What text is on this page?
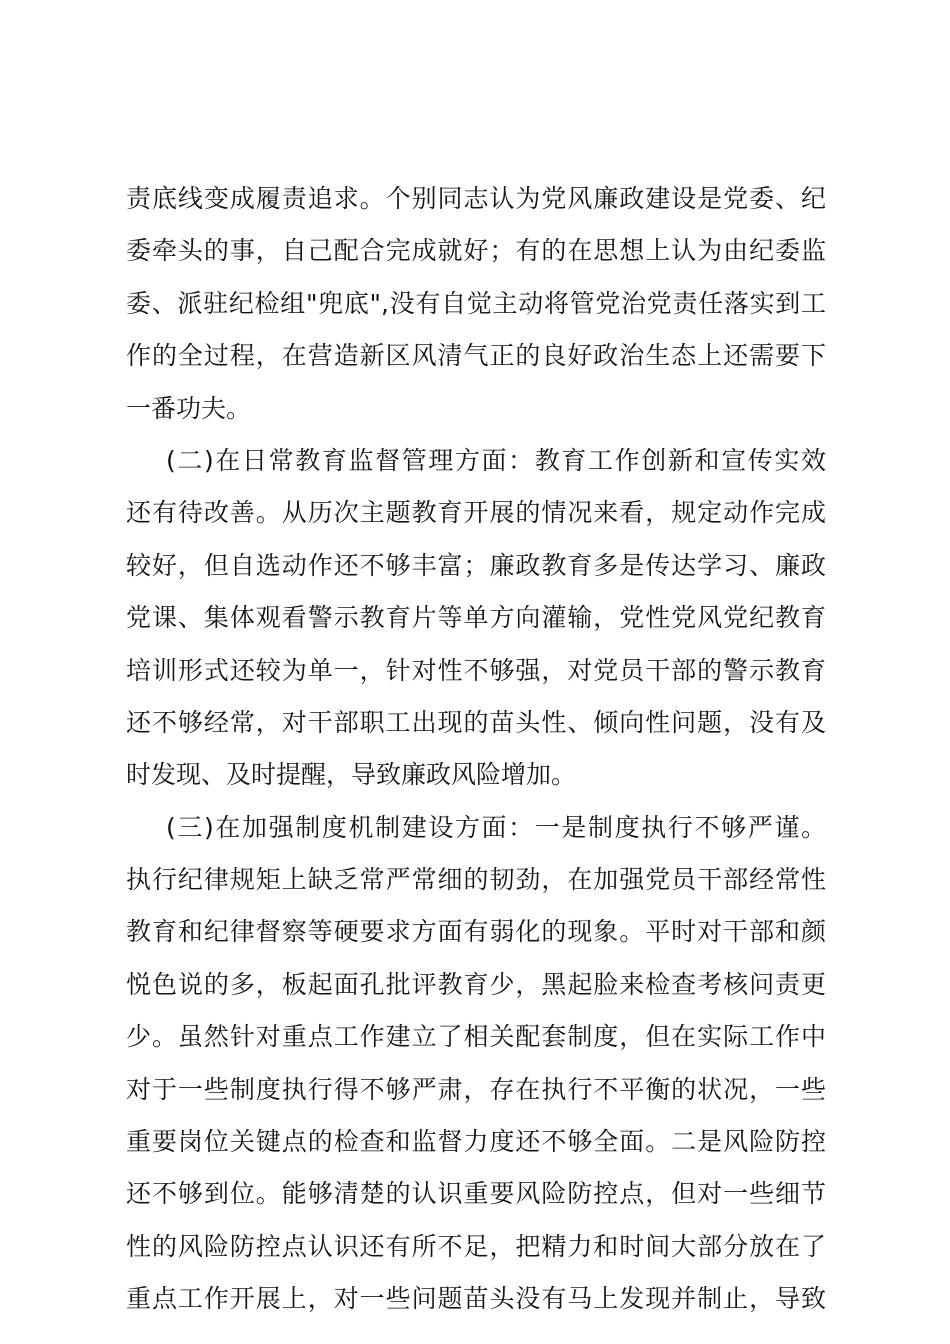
责底线变成履责追求。个别同志认为党风廉政建设是党委、纪
委牵头的事，自己配合完成就好；有的在思想上认为由纪委监
委、派驻纪检组"兜底",没有自觉主动将管党治党责任落实到工
作的全过程，在营造新区风清气正的良好政治生态上还需要下
一番功夫。
(二)在日常教育监督管理方面：教育工作创新和宣传实效
还有待改善。从历次主题教育开展的情况来看，规定动作完成
较好，但自选动作还不够丰富；廉政教育多是传达学习、廉政
党课、集体观看警示教育片等单方向灌输，党性党风党纪教育
培训形式还较为单一，针对性不够强，对党员干部的警示教育
还不够经常，对干部职工出现的苗头性、倾向性问题，没有及
时发现、及时提醒，导致廉政风险增加。
(三)在加强制度机制建设方面：一是制度执行不够严谨。
执行纪律规矩上缺乏常严常细的韧劲，在加强党员干部经常性
教育和纪律督察等硬要求方面有弱化的现象。平时对干部和颜
悦色说的多，板起面孔批评教育少，黑起脸来检查考核问责更
少。虽然针对重点工作建立了相关配套制度，但在实际工作中
对于一些制度执行得不够严肃，存在执行不平衡的状况，一些
重要岗位关键点的检查和监督力度还不够全面。二是风险防控
还不够到位。能够清楚的认识重要风险防控点，但对一些细节
性的风险防控点认识还有所不足，把精力和时间大部分放在了
重点工作开展上，对一些问题苗头没有马上发现并制止，导致
